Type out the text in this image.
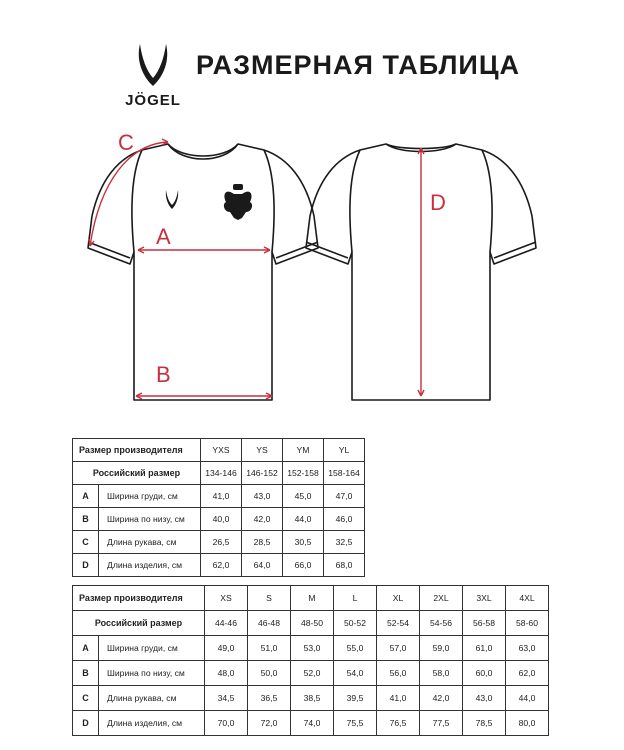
JÖGEL
РАЗМЕРНАЯ ТАБЛИЦА
C
A
B
D
Размер производителя		YXS	YS	YM	YL
Российский размер		134-146	146-152	152-158	158-164
A	Ширина груди, см	41,0	43,0	45,0	47,0
B	Ширина по низу, см	40,0	42,0	44,0	46,0
C	Длина рукава, см	26,5	28,5	30,5	32,5
D	Длина изделия, см	62,0	64,0	66,0	68,0
Размер производителя		XS	S	M	L	XL	2XL	3XL	4XL
Российский размер		44-46	46-48	48-50	50-52	52-54	54-56	56-58	58-60
A	Ширина груди, см	49,0	51,0	53,0	55,0	57,0	59,0	61,0	63,0
B	Ширина по низу, см	48,0	50,0	52,0	54,0	56,0	58,0	60,0	62,0
C	Длина рукава, см	34,5	36,5	38,5	39,5	41,0	42,0	43,0	44,0
D	Длина изделия, см	70,0	72,0	74,0	75,5	76,5	77,5	78,5	80,0
